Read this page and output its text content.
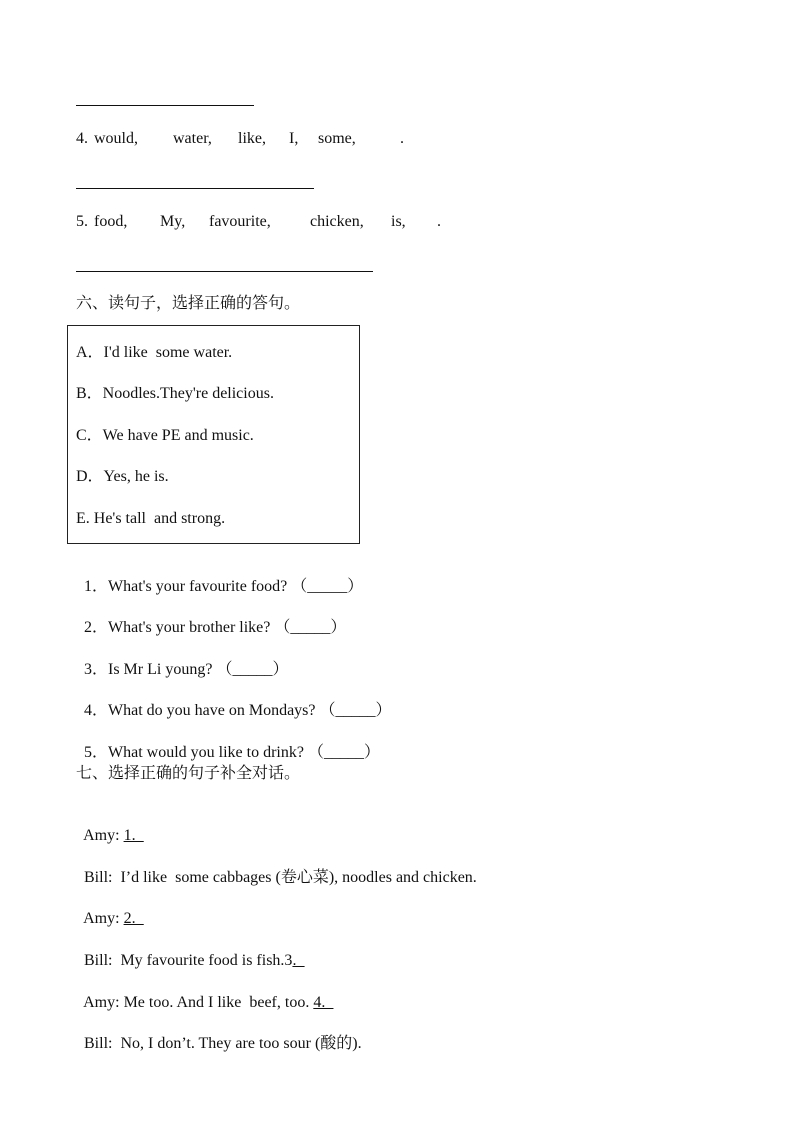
4. would, water, like, I, some,	.
5. food, My, favourite, chicken, is, .
六、读句子，选择正确的答句。
A．I'd like  some water.
B．Noodles.They're delicious.
C．We have PE and music.
D．Yes, he is.
E. He's tall  and strong.

1．What's your favourite food? （_____）

2．What's your brother like? （_____）

3．Is Mr Li young? （_____）

4．What do you have on Mondays? （_____）

5．What would you like to drink? （_____）

七、选择正确的句子补全对话。

Amy: 1._

Bill: I’d like  some cabbages (卷心菜), noodles and chicken.

Amy: 2._

Bill: My favourite food is fish.3._

Amy: Me too. And I like  beef, too. 4._

Bill: No, I don’t. They are too sour (酸的).
